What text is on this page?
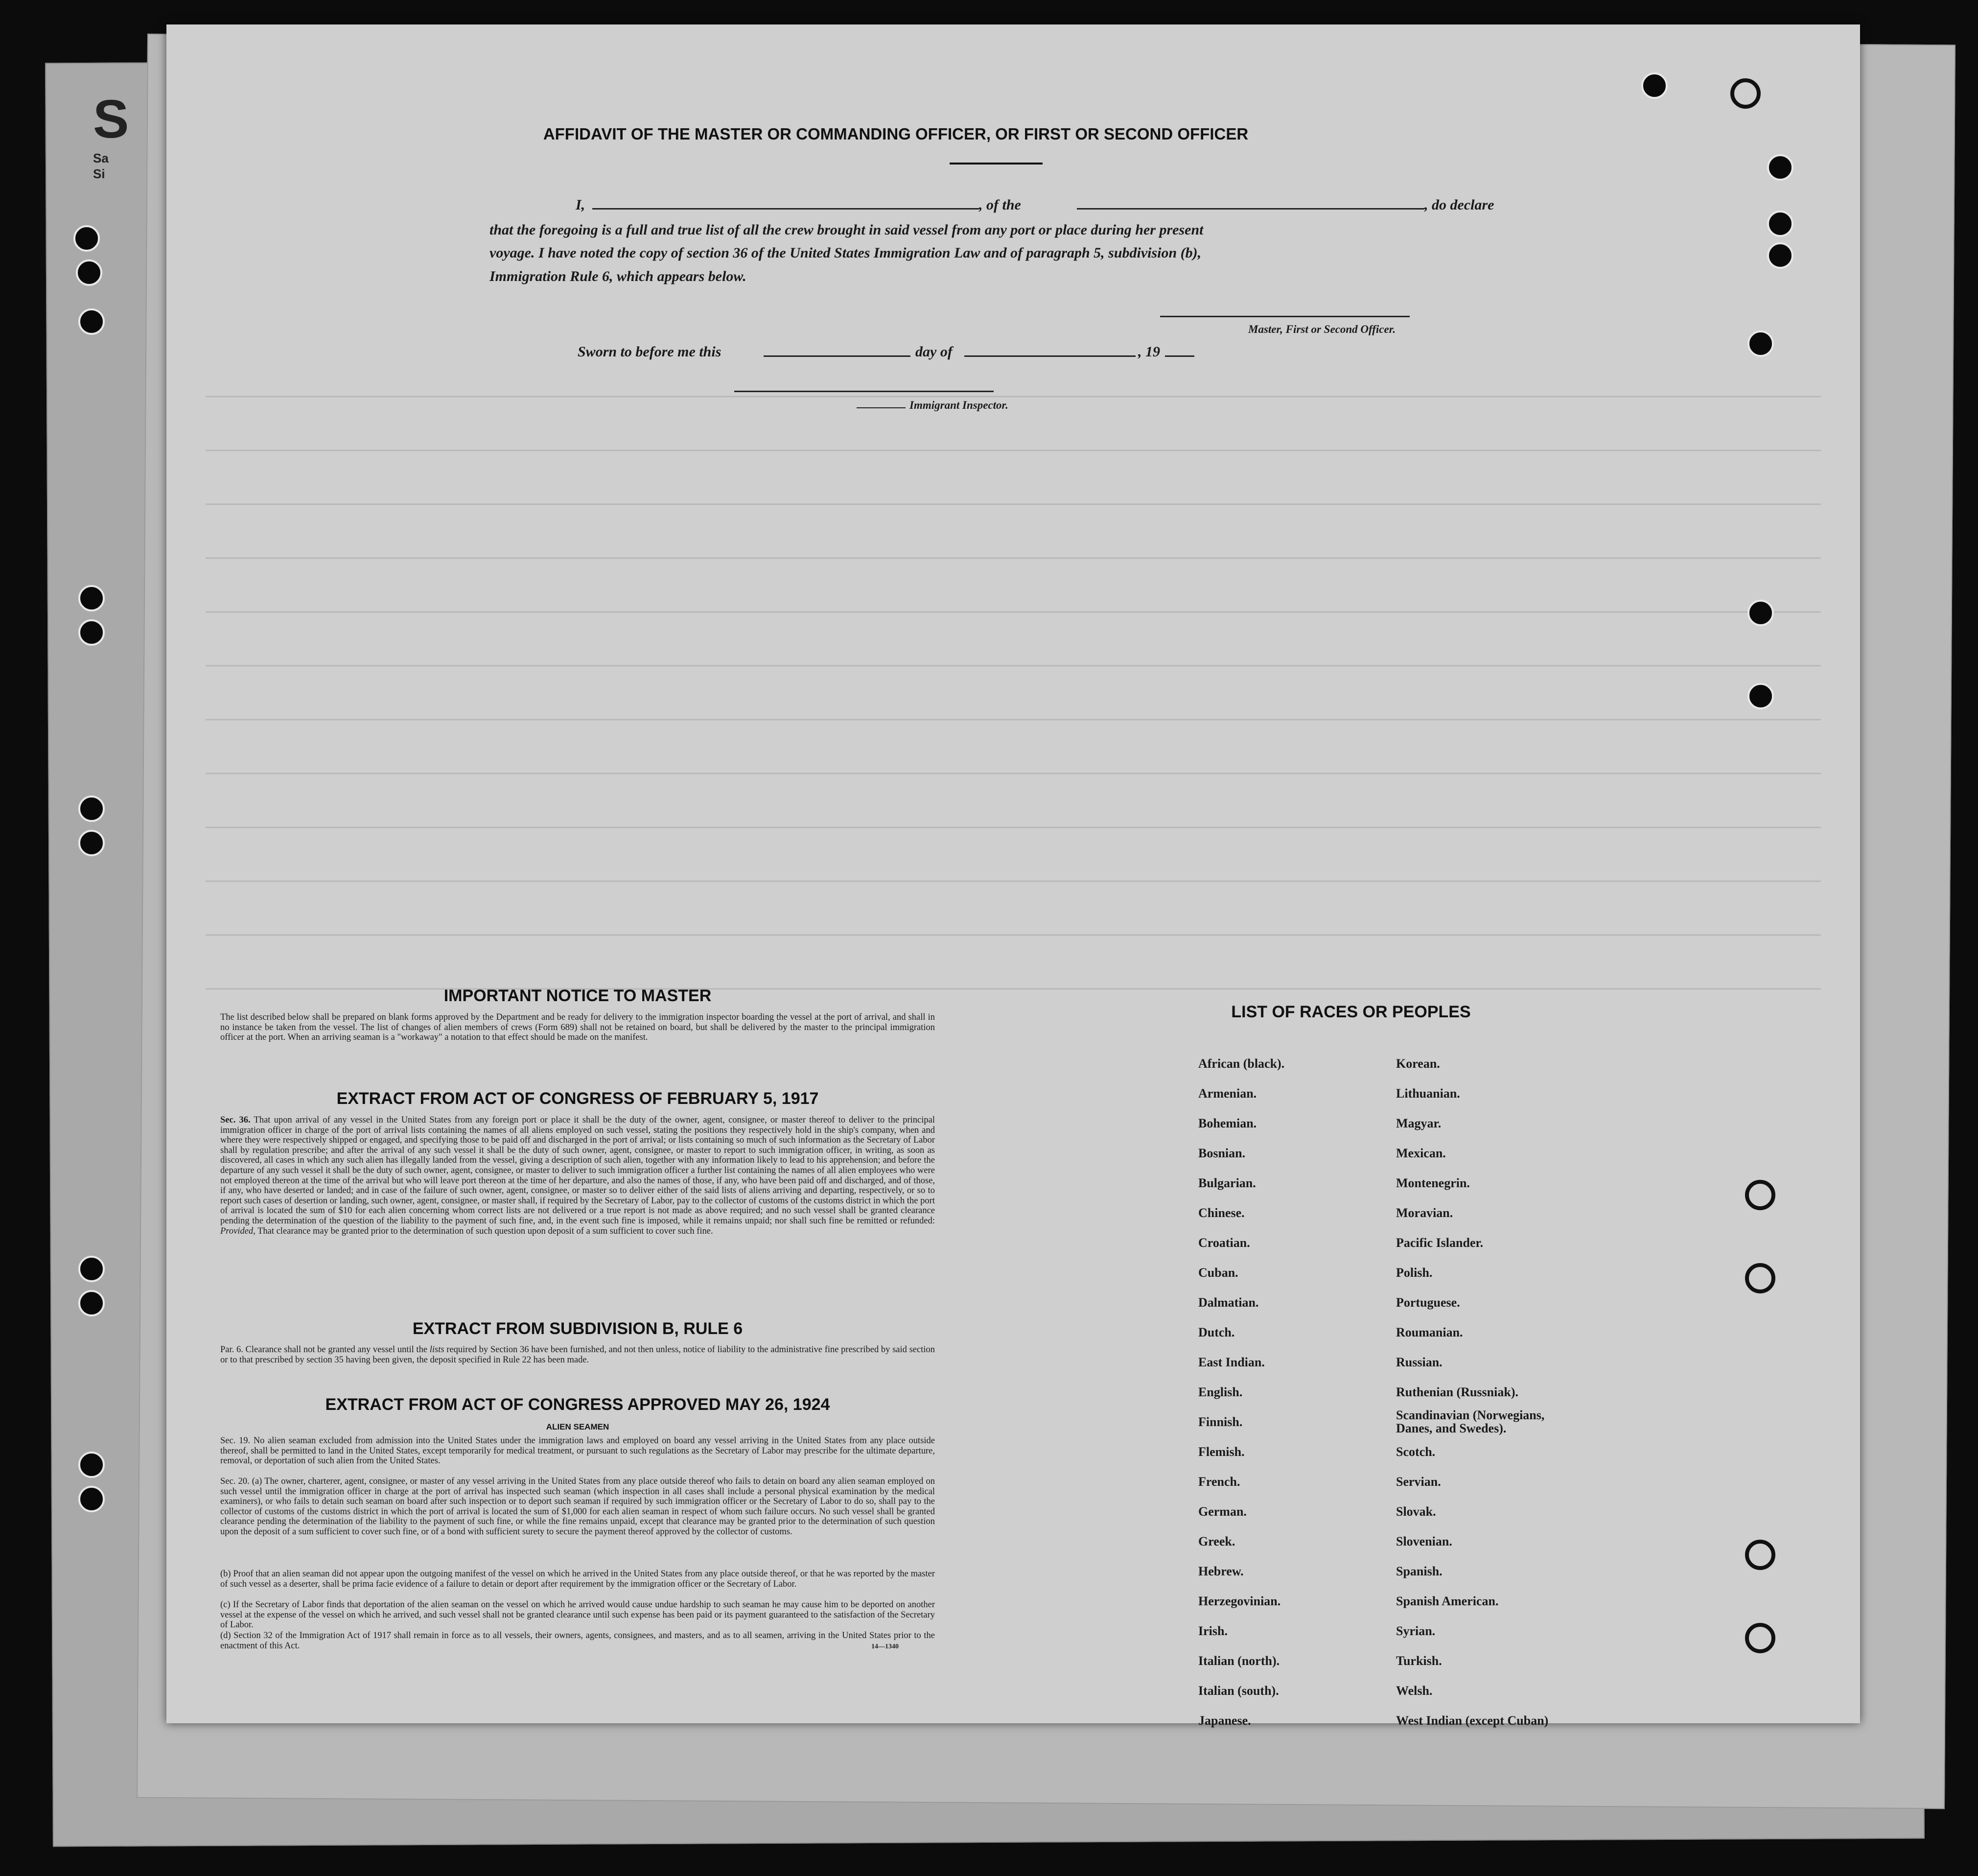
S
Sa
Si
AFFIDAVIT OF THE MASTER OR COMMANDING OFFICER, OR FIRST OR SECOND OFFICER
I,	, of the	, do declare
that the foregoing is a full and true list of all the crew brought in said vessel from any port or place during her present
voyage. I have noted the copy of section 36 of the United States Immigration Law and of paragraph 5, subdivision (b),
Immigration Rule 6, which appears below.
Master, First or Second Officer.
Sworn to before me this	day of	, 19
Immigrant Inspector.
IMPORTANT NOTICE TO MASTER
The list described below shall be prepared on blank forms approved by the Department and be ready for delivery to the immigration inspector boarding the vessel at the port of arrival, and shall in no instance be taken from the vessel. The list of changes of alien members of crews (Form 689) shall not be retained on board, but shall be delivered by the master to the principal immigration officer at the port. When an arriving seaman is a "workaway" a notation to that effect should be made on the manifest.
EXTRACT FROM ACT OF CONGRESS OF FEBRUARY 5, 1917
Sec. 36. That upon arrival of any vessel in the United States from any foreign port or place it shall be the duty of the owner, agent, consignee, or master thereof to deliver to the principal immigration officer in charge of the port of arrival lists containing the names of all aliens employed on such vessel, stating the positions they respectively hold in the ship's company, when and where they were respectively shipped or engaged, and specifying those to be paid off and discharged in the port of arrival; or lists containing so much of such information as the Secretary of Labor shall by regulation prescribe; and after the arrival of any such vessel it shall be the duty of such owner, agent, consignee, or master to report to such immigration officer, in writing, as soon as discovered, all cases in which any such alien has illegally landed from the vessel, giving a description of such alien, together with any information likely to lead to his apprehension; and before the departure of any such vessel it shall be the duty of such owner, agent, consignee, or master to deliver to such immigration officer a further list containing the names of all alien employees who were not employed thereon at the time of the arrival but who will leave port thereon at the time of her departure, and also the names of those, if any, who have been paid off and discharged, and of those, if any, who have deserted or landed; and in case of the failure of such owner, agent, consignee, or master so to deliver either of the said lists of aliens arriving and departing, respectively, or so to report such cases of desertion or landing, such owner, agent, consignee, or master shall, if required by the Secretary of Labor, pay to the collector of customs of the customs district in which the port of arrival is located the sum of $10 for each alien concerning whom correct lists are not delivered or a true report is not made as above required; and no such vessel shall be granted clearance pending the determination of the question of the liability to the payment of such fine, and, in the event such fine is imposed, while it remains unpaid; nor shall such fine be remitted or refunded: Provided, That clearance may be granted prior to the determination of such question upon deposit of a sum sufficient to cover such fine.
EXTRACT FROM SUBDIVISION B, RULE 6
Par. 6. Clearance shall not be granted any vessel until the lists required by Section 36 have been furnished, and not then unless, notice of liability to the administrative fine prescribed by said section or to that prescribed by section 35 having been given, the deposit specified in Rule 22 has been made.
EXTRACT FROM ACT OF CONGRESS APPROVED MAY 26, 1924
ALIEN SEAMEN
Sec. 19. No alien seaman excluded from admission into the United States under the immigration laws and employed on board any vessel arriving in the United States from any place outside thereof, shall be permitted to land in the United States, except temporarily for medical treatment, or pursuant to such regulations as the Secretary of Labor may prescribe for the ultimate departure, removal, or deportation of such alien from the United States.
Sec. 20. (a) The owner, charterer, agent, consignee, or master of any vessel arriving in the United States from any place outside thereof who fails to detain on board any alien seaman employed on such vessel until the immigration officer in charge at the port of arrival has inspected such seaman (which inspection in all cases shall include a personal physical examination by the medical examiners), or who fails to detain such seaman on board after such inspection or to deport such seaman if required by such immigration officer or the Secretary of Labor to do so, shall pay to the collector of customs of the customs district in which the port of arrival is located the sum of $1,000 for each alien seaman in respect of whom such failure occurs. No such vessel shall be granted clearance pending the determination of the liability to the payment of such fine, or while the fine remains unpaid, except that clearance may be granted prior to the determination of such question upon the deposit of a sum sufficient to cover such fine, or of a bond with sufficient surety to secure the payment thereof approved by the collector of customs.
(b) Proof that an alien seaman did not appear upon the outgoing manifest of the vessel on which he arrived in the United States from any place outside thereof, or that he was reported by the master of such vessel as a deserter, shall be prima facie evidence of a failure to detain or deport after requirement by the immigration officer or the Secretary of Labor.
(c) If the Secretary of Labor finds that deportation of the alien seaman on the vessel on which he arrived would cause undue hardship to such seaman he may cause him to be deported on another vessel at the expense of the vessel on which he arrived, and such vessel shall not be granted clearance until such expense has been paid or its payment guaranteed to the satisfaction of the Secretary of Labor.
(d) Section 32 of the Immigration Act of 1917 shall remain in force as to all vessels, their owners, agents, consignees, and masters, and as to all seamen, arriving in the United States prior to the enactment of this Act.	14—1340
LIST OF RACES OR PEOPLES
African (black).
Armenian.
Bohemian.
Bosnian.
Bulgarian.
Chinese.
Croatian.
Cuban.
Dalmatian.
Dutch.
East Indian.
English.
Finnish.
Flemish.
French.
German.
Greek.
Hebrew.
Herzegovinian.
Irish.
Italian (north).
Italian (south).
Japanese.
Korean.
Lithuanian.
Magyar.
Mexican.
Montenegrin.
Moravian.
Pacific Islander.
Polish.
Portuguese.
Roumanian.
Russian.
Ruthenian (Russniak).
Scandinavian (Norwegians, Danes, and Swedes).
Scotch.
Servian.
Slovak.
Slovenian.
Spanish.
Spanish American.
Syrian.
Turkish.
Welsh.
West Indian (except Cuban)
